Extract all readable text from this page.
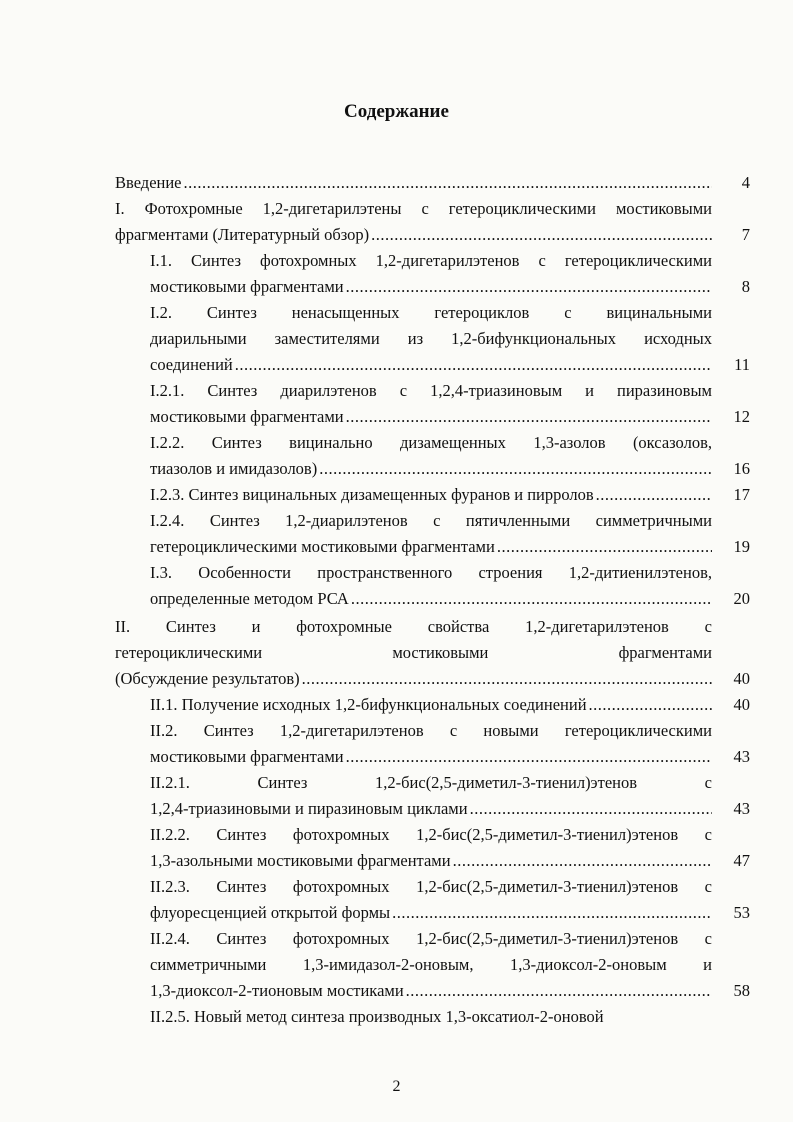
Содержание
Введение .....	4
I. Фотохромные 1,2-дигетарилэтены с гетероциклическими мостиковыми
фрагментами (Литературный обзор) .....	7
I.1. Синтез фотохромных 1,2-дигетарилэтенов с гетероциклическими
мостиковыми фрагментами .....	8
I.2. Синтез ненасыщенных гетероциклов с вицинальными
диарильными заместителями из 1,2-бифункциональных исходных
соединений .....	11
I.2.1. Синтез диарилэтенов с 1,2,4-триазиновым и пиразиновым
мостиковыми фрагментами .....	12
I.2.2. Синтез вицинально дизамещенных 1,3-азолов (оксазолов,
тиазолов и имидазолов) .....	16
I.2.3. Синтез вицинальных дизамещенных фуранов и пирролов .....	17
I.2.4. Синтез 1,2-диарилэтенов с пятичленными симметричными
гетероциклическими мостиковыми фрагментами .....	19
I.3. Особенности пространственного строения 1,2-дитиенилэтенов,
определенные методом РСА .....	20
II. Синтез и фотохромные свойства 1,2-дигетарилэтенов с
гетероциклическими мостиковыми фрагментами
(Обсуждение результатов) .....	40
II.1. Получение исходных 1,2-бифункциональных соединений .....	40
II.2. Синтез 1,2-дигетарилэтенов с новыми гетероциклическими
мостиковыми фрагментами .....	43
II.2.1. Синтез 1,2-бис(2,5-диметил-3-тиенил)этенов с
1,2,4-триазиновыми и пиразиновым циклами .....	43
II.2.2. Синтез фотохромных 1,2-бис(2,5-диметил-3-тиенил)этенов с
1,3-азольными мостиковыми фрагментами .....	47
II.2.3. Синтез фотохромных 1,2-бис(2,5-диметил-3-тиенил)этенов с
флуоресценцией открытой формы .....	53
II.2.4. Синтез фотохромных 1,2-бис(2,5-диметил-3-тиенил)этенов с
симметричными 1,3-имидазол-2-оновым, 1,3-диоксол-2-оновым и
1,3-диоксол-2-тионовым мостиками .....	58
II.2.5. Новый метод синтеза производных 1,3-оксатиол-2-оновой
2
